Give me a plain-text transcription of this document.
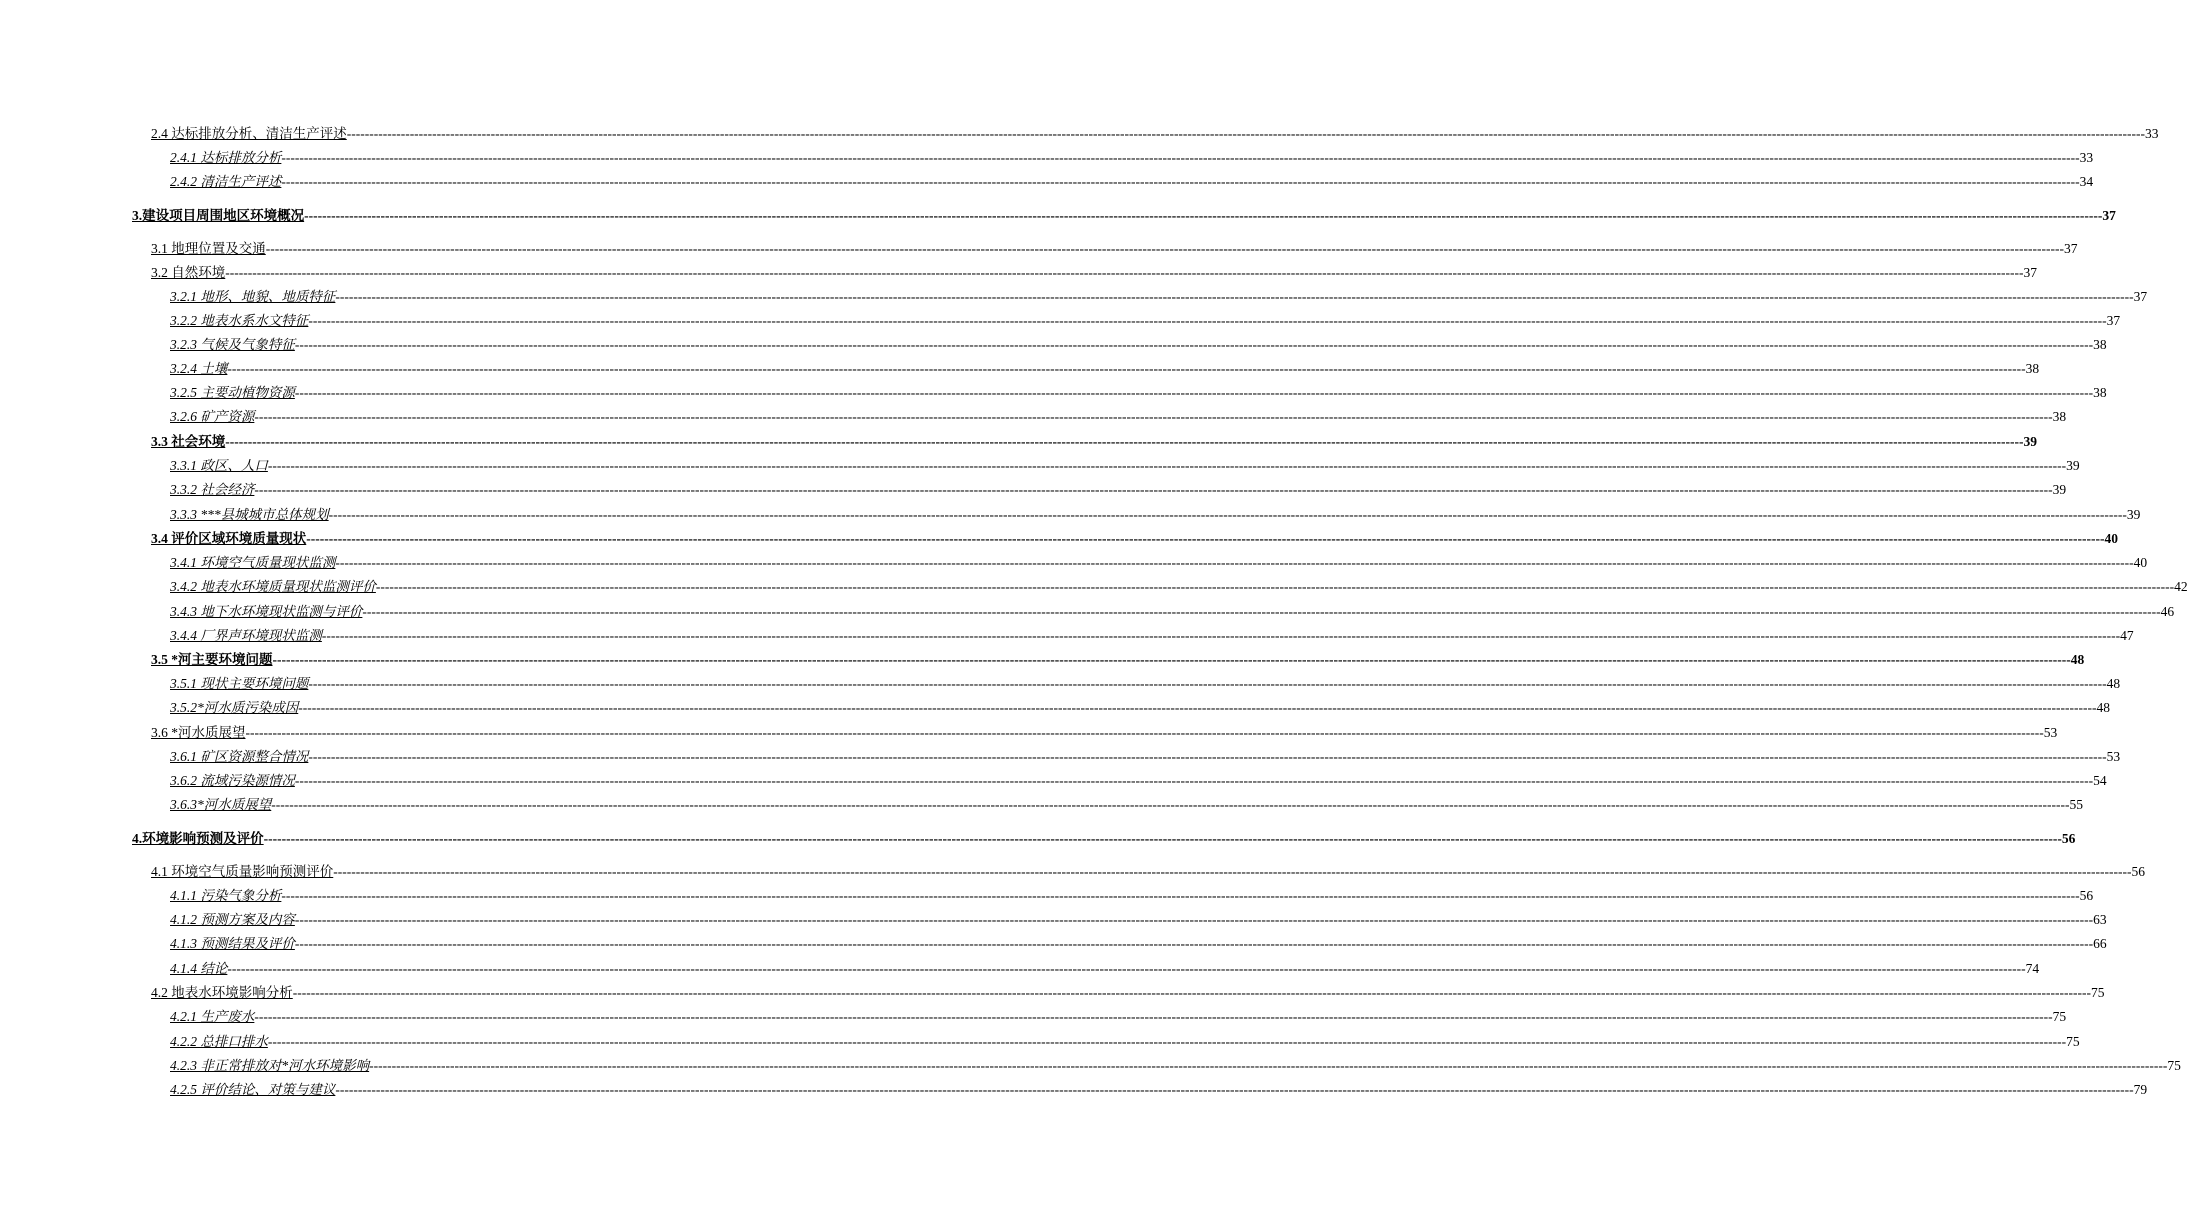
2.4 达标排放分析、清洁生产评述 ---------------------------------------------------------------------------------------------------------------------------------------------------------------------------------------------------------------------------------------------------------------------------------------------------------------------------------------------------------------------------------------------------------------- 33
2.4.1 达标排放分析 ---------------------------------------------------------------------------------------------------------------------------------------------------------------------------------------------------------------------------------------------------------------------------------------------------------------------------------------------------------------------------------------------------------------- 33
2.4.2 清洁生产评述 ---------------------------------------------------------------------------------------------------------------------------------------------------------------------------------------------------------------------------------------------------------------------------------------------------------------------------------------------------------------------------------------------------------------- 34
3.建设项目周围地区环境概况 ---------------------------------------------------------------------------------------------------------------------------------------------------------------------------------------------------------------------------------------------------------------------------------------------------------------------------------------------------------------------------------------------------------------- 37
3.1 地理位置及交通 ---------------------------------------------------------------------------------------------------------------------------------------------------------------------------------------------------------------------------------------------------------------------------------------------------------------------------------------------------------------------------------------------------------------- 37
3.2 自然环境 ---------------------------------------------------------------------------------------------------------------------------------------------------------------------------------------------------------------------------------------------------------------------------------------------------------------------------------------------------------------------------------------------------------------- 37
3.2.1 地形、地貌、地质特征 ---------------------------------------------------------------------------------------------------------------------------------------------------------------------------------------------------------------------------------------------------------------------------------------------------------------------------------------------------------------------------------------------------------------- 37
3.2.2 地表水系水文特征 ---------------------------------------------------------------------------------------------------------------------------------------------------------------------------------------------------------------------------------------------------------------------------------------------------------------------------------------------------------------------------------------------------------------- 37
3.2.3 气候及气象特征 ---------------------------------------------------------------------------------------------------------------------------------------------------------------------------------------------------------------------------------------------------------------------------------------------------------------------------------------------------------------------------------------------------------------- 38
3.2.4 土壤 ---------------------------------------------------------------------------------------------------------------------------------------------------------------------------------------------------------------------------------------------------------------------------------------------------------------------------------------------------------------------------------------------------------------- 38
3.2.5 主要动植物资源 ---------------------------------------------------------------------------------------------------------------------------------------------------------------------------------------------------------------------------------------------------------------------------------------------------------------------------------------------------------------------------------------------------------------- 38
3.2.6 矿产资源 ---------------------------------------------------------------------------------------------------------------------------------------------------------------------------------------------------------------------------------------------------------------------------------------------------------------------------------------------------------------------------------------------------------------- 38
3.3 社会环境 ---------------------------------------------------------------------------------------------------------------------------------------------------------------------------------------------------------------------------------------------------------------------------------------------------------------------------------------------------------------------------------------------------------------- 39
3.3.1 政区、人口 ---------------------------------------------------------------------------------------------------------------------------------------------------------------------------------------------------------------------------------------------------------------------------------------------------------------------------------------------------------------------------------------------------------------- 39
3.3.2 社会经济 ---------------------------------------------------------------------------------------------------------------------------------------------------------------------------------------------------------------------------------------------------------------------------------------------------------------------------------------------------------------------------------------------------------------- 39
3.3.3 ***县城城市总体规划 ---------------------------------------------------------------------------------------------------------------------------------------------------------------------------------------------------------------------------------------------------------------------------------------------------------------------------------------------------------------------------------------------------------------- 39
3.4 评价区域环境质量现状 ---------------------------------------------------------------------------------------------------------------------------------------------------------------------------------------------------------------------------------------------------------------------------------------------------------------------------------------------------------------------------------------------------------------- 40
3.4.1 环境空气质量现状监测 ---------------------------------------------------------------------------------------------------------------------------------------------------------------------------------------------------------------------------------------------------------------------------------------------------------------------------------------------------------------------------------------------------------------- 40
3.4.2 地表水环境质量现状监测评价 ---------------------------------------------------------------------------------------------------------------------------------------------------------------------------------------------------------------------------------------------------------------------------------------------------------------------------------------------------------------------------------------------------------------- 42
3.4.3 地下水环境现状监测与评价 ---------------------------------------------------------------------------------------------------------------------------------------------------------------------------------------------------------------------------------------------------------------------------------------------------------------------------------------------------------------------------------------------------------------- 46
3.4.4 厂界声环境现状监测 ---------------------------------------------------------------------------------------------------------------------------------------------------------------------------------------------------------------------------------------------------------------------------------------------------------------------------------------------------------------------------------------------------------------- 47
3.5 *河主要环境问题 ---------------------------------------------------------------------------------------------------------------------------------------------------------------------------------------------------------------------------------------------------------------------------------------------------------------------------------------------------------------------------------------------------------------- 48
3.5.1 现状主要环境问题 ---------------------------------------------------------------------------------------------------------------------------------------------------------------------------------------------------------------------------------------------------------------------------------------------------------------------------------------------------------------------------------------------------------------- 48
3.5.2*河水质污染成因 ---------------------------------------------------------------------------------------------------------------------------------------------------------------------------------------------------------------------------------------------------------------------------------------------------------------------------------------------------------------------------------------------------------------- 48
3.6 *河水质展望 ---------------------------------------------------------------------------------------------------------------------------------------------------------------------------------------------------------------------------------------------------------------------------------------------------------------------------------------------------------------------------------------------------------------- 53
3.6.1 矿区资源整合情况 ---------------------------------------------------------------------------------------------------------------------------------------------------------------------------------------------------------------------------------------------------------------------------------------------------------------------------------------------------------------------------------------------------------------- 53
3.6.2 流域污染源情况 ---------------------------------------------------------------------------------------------------------------------------------------------------------------------------------------------------------------------------------------------------------------------------------------------------------------------------------------------------------------------------------------------------------------- 54
3.6.3*河水质展望 ---------------------------------------------------------------------------------------------------------------------------------------------------------------------------------------------------------------------------------------------------------------------------------------------------------------------------------------------------------------------------------------------------------------- 55
4.环境影响预测及评价 ---------------------------------------------------------------------------------------------------------------------------------------------------------------------------------------------------------------------------------------------------------------------------------------------------------------------------------------------------------------------------------------------------------------- 56
4.1 环境空气质量影响预测评价 ---------------------------------------------------------------------------------------------------------------------------------------------------------------------------------------------------------------------------------------------------------------------------------------------------------------------------------------------------------------------------------------------------------------- 56
4.1.1 污染气象分析 ---------------------------------------------------------------------------------------------------------------------------------------------------------------------------------------------------------------------------------------------------------------------------------------------------------------------------------------------------------------------------------------------------------------- 56
4.1.2 预测方案及内容 ---------------------------------------------------------------------------------------------------------------------------------------------------------------------------------------------------------------------------------------------------------------------------------------------------------------------------------------------------------------------------------------------------------------- 63
4.1.3 预测结果及评价 ---------------------------------------------------------------------------------------------------------------------------------------------------------------------------------------------------------------------------------------------------------------------------------------------------------------------------------------------------------------------------------------------------------------- 66
4.1.4 结论 ---------------------------------------------------------------------------------------------------------------------------------------------------------------------------------------------------------------------------------------------------------------------------------------------------------------------------------------------------------------------------------------------------------------- 74
4.2 地表水环境影响分析 ---------------------------------------------------------------------------------------------------------------------------------------------------------------------------------------------------------------------------------------------------------------------------------------------------------------------------------------------------------------------------------------------------------------- 75
4.2.1 生产废水 ---------------------------------------------------------------------------------------------------------------------------------------------------------------------------------------------------------------------------------------------------------------------------------------------------------------------------------------------------------------------------------------------------------------- 75
4.2.2 总排口排水 ---------------------------------------------------------------------------------------------------------------------------------------------------------------------------------------------------------------------------------------------------------------------------------------------------------------------------------------------------------------------------------------------------------------- 75
4.2.3 非正常排放对*河水环境影响 ---------------------------------------------------------------------------------------------------------------------------------------------------------------------------------------------------------------------------------------------------------------------------------------------------------------------------------------------------------------------------------------------------------------- 75
4.2.5 评价结论、对策与建议 ---------------------------------------------------------------------------------------------------------------------------------------------------------------------------------------------------------------------------------------------------------------------------------------------------------------------------------------------------------------------------------------------------------------- 79
